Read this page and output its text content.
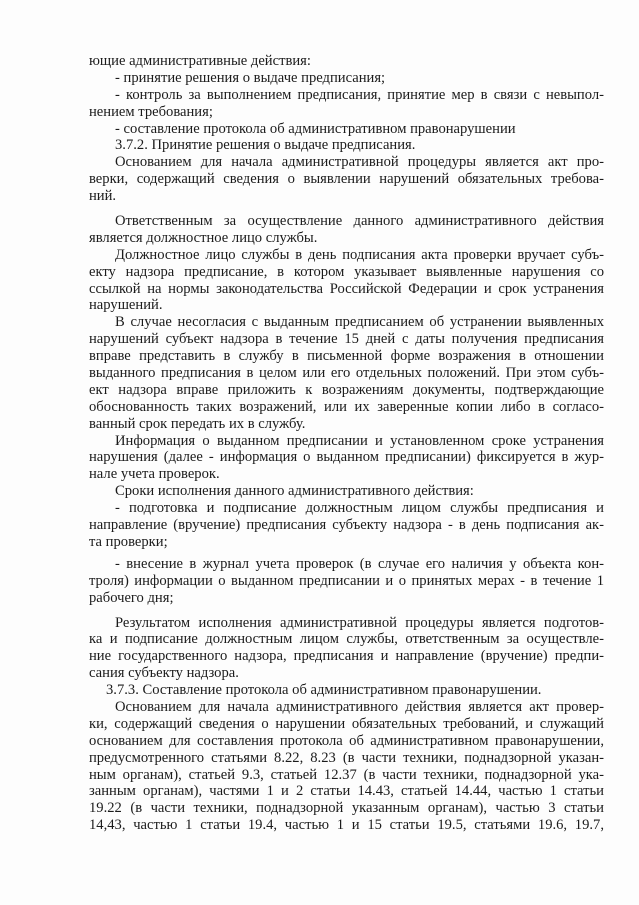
ющие административные действия:
- принятие решения о выдаче предписания;
- контроль за выполнением предписания, принятие мер в связи с невыпол-
нением требования;
- составление протокола об административном правонарушении
3.7.2. Принятие решения о выдаче предписания.
Основанием для начала административной процедуры является акт про-
верки, содержащий сведения о выявлении нарушений обязательных требова-
ний.
Ответственным за осуществление данного административного действия
является должностное лицо службы.
Должностное лицо службы в день подписания акта проверки вручает субъ-
екту надзора предписание, в котором указывает выявленные нарушения со
ссылкой на нормы законодательства Российской Федерации и срок устранения
нарушений.
В случае несогласия с выданным предписанием об устранении выявленных
нарушений субъект надзора в течение 15 дней с даты получения предписания
вправе представить в службу в письменной форме возражения в отношении
выданного предписания в целом или его отдельных положений. При этом субъ-
ект надзора вправе приложить к возражениям документы, подтверждающие
обоснованность таких возражений, или их заверенные копии либо в согласо-
ванный срок передать их в службу.
Информация о выданном предписании и установленном сроке устранения
нарушения (далее - информация о выданном предписании) фиксируется в жур-
нале учета проверок.
Сроки исполнения данного административного действия:
- подготовка и подписание должностным лицом службы предписания и
направление (вручение) предписания субъекту надзора - в день подписания ак-
та проверки;
- внесение в журнал учета проверок (в случае его наличия у объекта кон-
троля) информации о выданном предписании и о принятых мерах - в течение 1
рабочего дня;
Результатом исполнения административной процедуры является подготов-
ка и подписание должностным лицом службы, ответственным за осуществле-
ние государственного надзора, предписания и направление (вручение) предпи-
сания субъекту надзора.
3.7.3. Составление протокола об административном правонарушении.
Основанием для начала административного действия является акт провер-
ки, содержащий сведения о нарушении обязательных требований, и служащий
основанием для составления протокола об административном правонарушении,
предусмотренного статьями 8.22, 8.23 (в части техники, поднадзорной указан-
ным органам), статьей 9.3, статьей 12.37 (в части техники, поднадзорной ука-
занным органам), частями 1 и 2 статьи 14.43, статьей 14.44, частью 1 статьи
19.22 (в части техники, поднадзорной указанным органам), частью 3 статьи
14,43, частью 1 статьи 19.4, частью 1 и 15 статьи 19.5, статьями 19.6, 19.7,
